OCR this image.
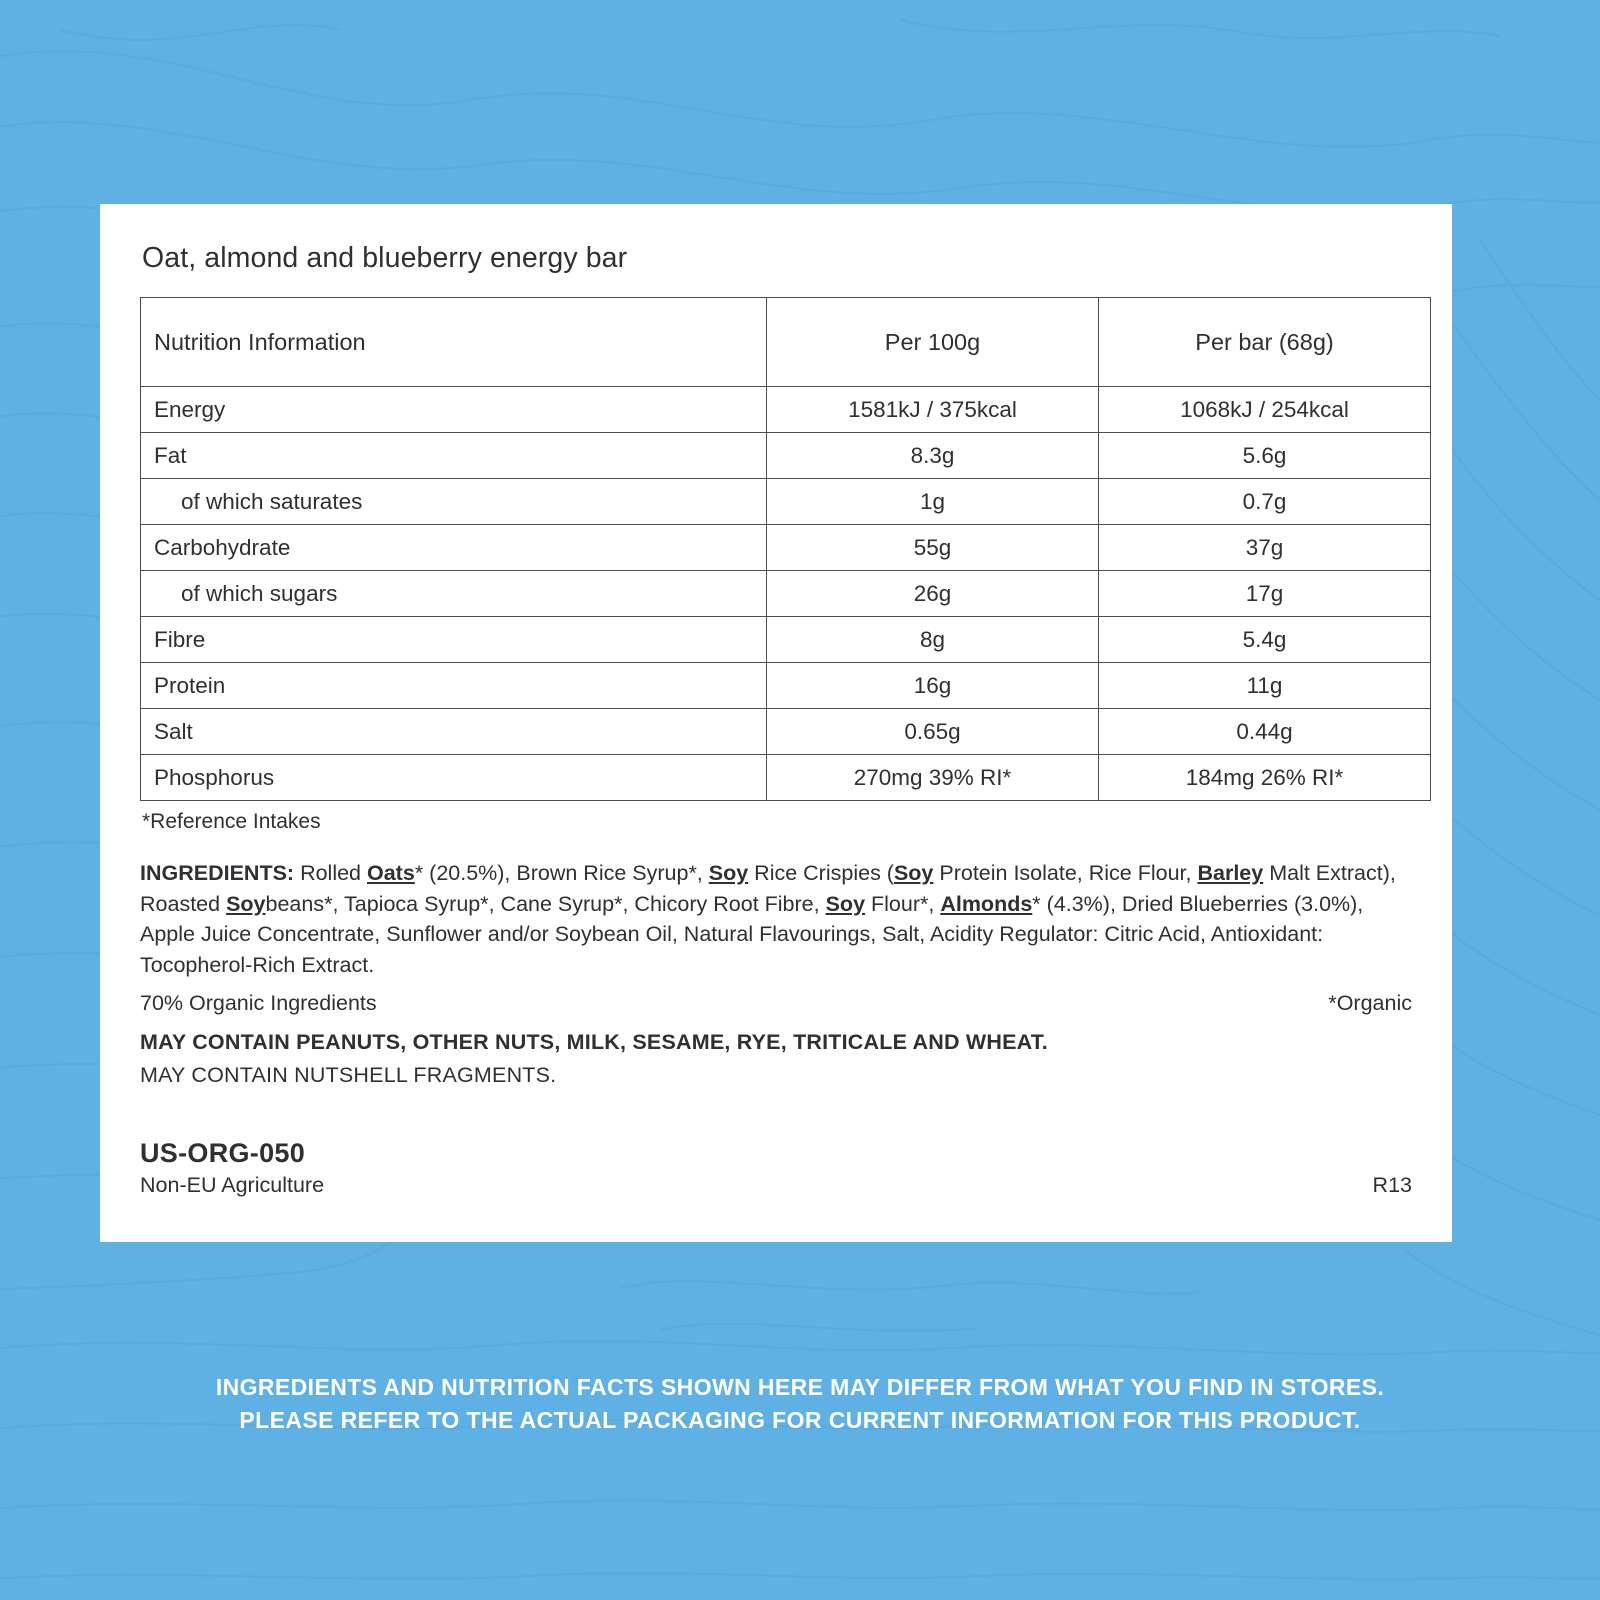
Oat, almond and blueberry energy bar
Nutrition Information	Per 100g	Per bar (68g)
Energy	1581kJ / 375kcal	1068kJ / 254kcal
Fat	8.3g	5.6g
of which saturates	1g	0.7g
Carbohydrate	55g	37g
of which sugars	26g	17g
Fibre	8g	5.4g
Protein	16g	11g
Salt	0.65g	0.44g
Phosphorus	270mg 39% RI*	184mg 26% RI*
*Reference Intakes
INGREDIENTS: Rolled Oats* (20.5%), Brown Rice Syrup*, Soy Rice Crispies (Soy Protein Isolate, Rice Flour, Barley Malt Extract), Roasted Soybeans*, Tapioca Syrup*, Cane Syrup*, Chicory Root Fibre, Soy Flour*, Almonds* (4.3%), Dried Blueberries (3.0%), Apple Juice Concentrate, Sunflower and/or Soybean Oil, Natural Flavourings, Salt, Acidity Regulator: Citric Acid, Antioxidant: Tocopherol-Rich Extract.
70% Organic Ingredients	*Organic
MAY CONTAIN PEANUTS, OTHER NUTS, MILK, SESAME, RYE, TRITICALE AND WHEAT.
MAY CONTAIN NUTSHELL FRAGMENTS.
US-ORG-050
Non-EU Agriculture	R13
INGREDIENTS AND NUTRITION FACTS SHOWN HERE MAY DIFFER FROM WHAT YOU FIND IN STORES.
PLEASE REFER TO THE ACTUAL PACKAGING FOR CURRENT INFORMATION FOR THIS PRODUCT.
